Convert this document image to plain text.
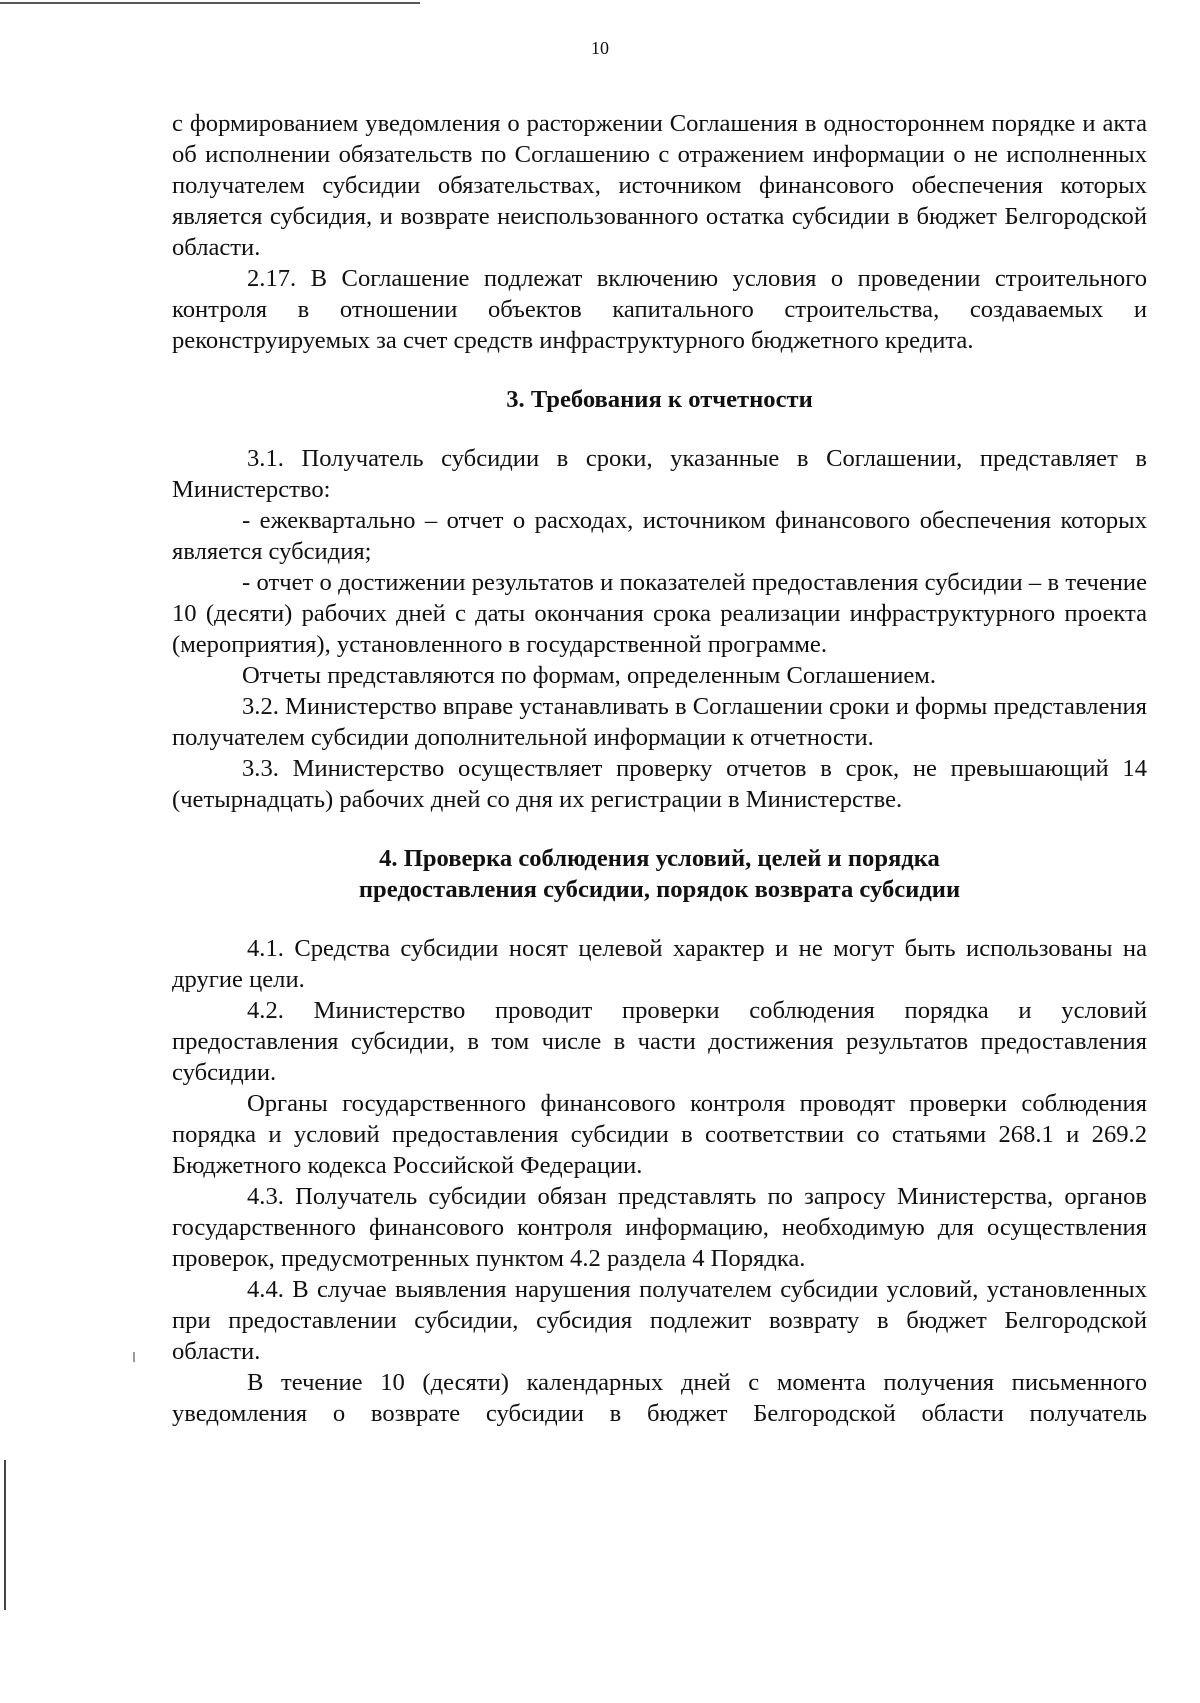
10

с формированием уведомления о расторжении Соглашения в одностороннем порядке и акта об исполнении обязательств по Соглашению с отражением информации о не исполненных получателем субсидии обязательствах, источником финансового обеспечения которых является субсидия, и возврате неиспользованного остатка субсидии в бюджет Белгородской области.

2.17. В Соглашение подлежат включению условия о проведении строительного контроля в отношении объектов капитального строительства, создаваемых и реконструируемых за счет средств инфраструктурного бюджетного кредита.

3. Требования к отчетности

3.1. Получатель субсидии в сроки, указанные в Соглашении, представляет в Министерство:

- ежеквартально – отчет о расходах, источником финансового обеспечения которых является субсидия;

- отчет о достижении результатов и показателей предоставления субсидии – в течение 10 (десяти) рабочих дней с даты окончания срока реализации инфраструктурного проекта (мероприятия), установленного в государственной программе.

Отчеты представляются по формам, определенным Соглашением.

3.2. Министерство вправе устанавливать в Соглашении сроки и формы представления получателем субсидии дополнительной информации к отчетности.

3.3. Министерство осуществляет проверку отчетов в срок, не превышающий 14 (четырнадцать) рабочих дней со дня их регистрации в Министерстве.

4. Проверка соблюдения условий, целей и порядка

предоставления субсидии, порядок возврата субсидии

4.1. Средства субсидии носят целевой характер и не могут быть использованы на другие цели.

4.2. Министерство проводит проверки соблюдения порядка и условий предоставления субсидии, в том числе в части достижения результатов предоставления субсидии.

Органы государственного финансового контроля проводят проверки соблюдения порядка и условий предоставления субсидии в соответствии со статьями 268.1 и 269.2 Бюджетного кодекса Российской Федерации.

4.3. Получатель субсидии обязан представлять по запросу Министерства, органов государственного финансового контроля информацию, необходимую для осуществления проверок, предусмотренных пунктом 4.2 раздела 4 Порядка.

4.4. В случае выявления нарушения получателем субсидии условий, установленных при предоставлении субсидии, субсидия подлежит возврату в бюджет Белгородской области.

В течение 10 (десяти) календарных дней с момента получения письменного уведомления о возврате субсидии в бюджет Белгородской области получатель
